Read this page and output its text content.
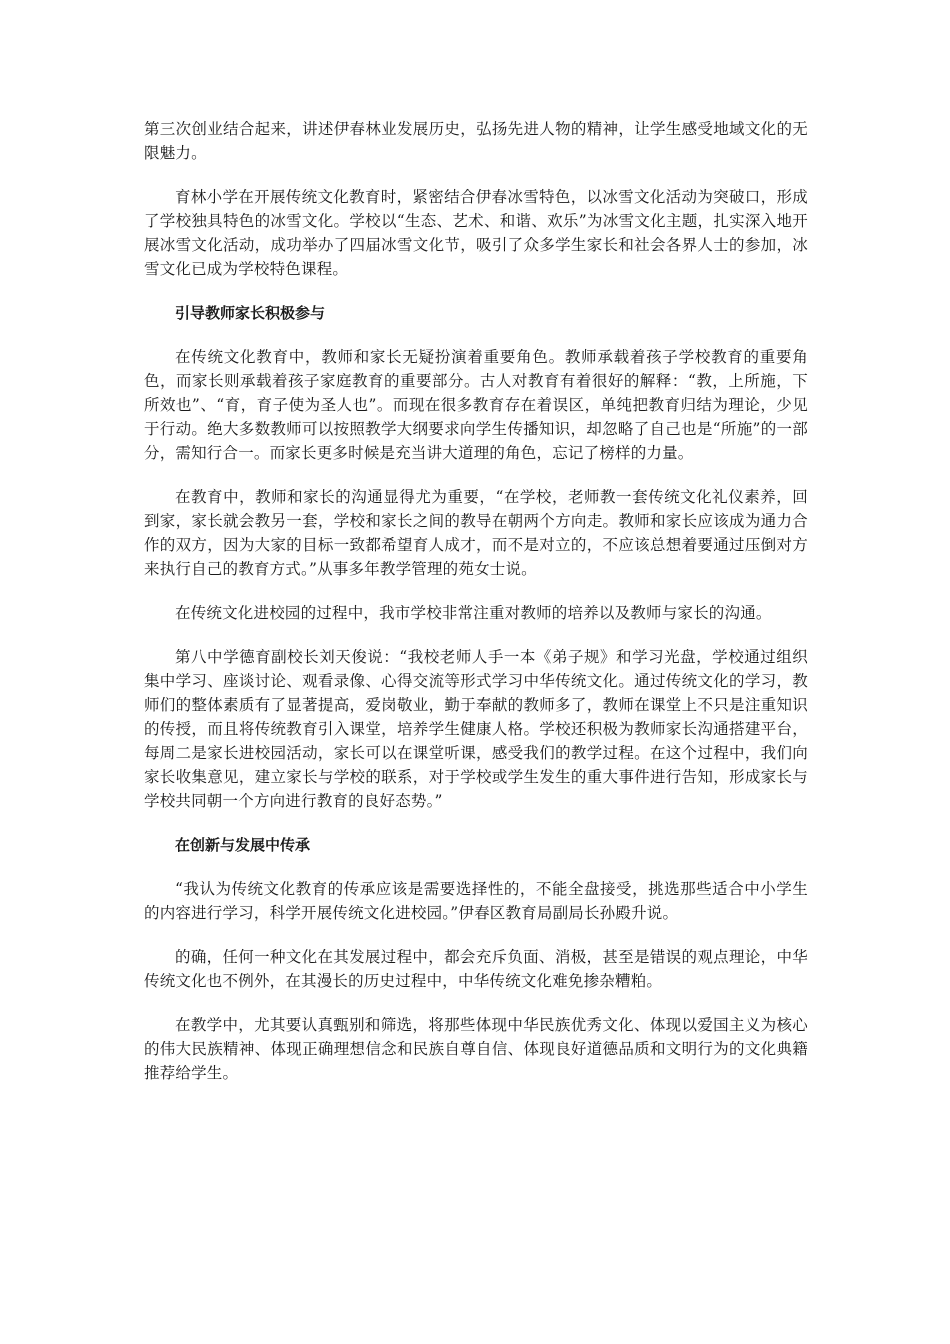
第三次创业结合起来，讲述伊春林业发展历史，弘扬先进人物的精神，让学生感受地域文化的无限魅力。

育林小学在开展传统文化教育时，紧密结合伊春冰雪特色，以冰雪文化活动为突破口，形成了学校独具特色的冰雪文化。学校以“生态、艺术、和谐、欢乐”为冰雪文化主题，扎实深入地开展冰雪文化活动，成功举办了四届冰雪文化节，吸引了众多学生家长和社会各界人士的参加，冰雪文化已成为学校特色课程。

引导教师家长积极参与

在传统文化教育中，教师和家长无疑扮演着重要角色。教师承载着孩子学校教育的重要角色，而家长则承载着孩子家庭教育的重要部分。古人对教育有着很好的解释：“教，上所施，下所效也”、“育，育子使为圣人也”。而现在很多教育存在着误区，单纯把教育归结为理论，少见于行动。绝大多数教师可以按照教学大纲要求向学生传播知识，却忽略了自己也是“所施”的一部分，需知行合一。而家长更多时候是充当讲大道理的角色，忘记了榜样的力量。

在教育中，教师和家长的沟通显得尤为重要，“在学校，老师教一套传统文化礼仪素养，回到家，家长就会教另一套，学校和家长之间的教导在朝两个方向走。教师和家长应该成为通力合作的双方，因为大家的目标一致都希望育人成才，而不是对立的，不应该总想着要通过压倒对方来执行自己的教育方式。”从事多年教学管理的苑女士说。

在传统文化进校园的过程中，我市学校非常注重对教师的培养以及教师与家长的沟通。

第八中学德育副校长刘天俊说：“我校老师人手一本《弟子规》和学习光盘，学校通过组织集中学习、座谈讨论、观看录像、心得交流等形式学习中华传统文化。通过传统文化的学习，教师们的整体素质有了显著提高，爱岗敬业，勤于奉献的教师多了，教师在课堂上不只是注重知识的传授，而且将传统教育引入课堂，培养学生健康人格。学校还积极为教师家长沟通搭建平台，每周二是家长进校园活动，家长可以在课堂听课，感受我们的教学过程。在这个过程中，我们向家长收集意见，建立家长与学校的联系，对于学校或学生发生的重大事件进行告知，形成家长与学校共同朝一个方向进行教育的良好态势。”

在创新与发展中传承

“我认为传统文化教育的传承应该是需要选择性的，不能全盘接受，挑选那些适合中小学生的内容进行学习，科学开展传统文化进校园。”伊春区教育局副局长孙殿升说。

的确，任何一种文化在其发展过程中，都会充斥负面、消极，甚至是错误的观点理论，中华传统文化也不例外，在其漫长的历史过程中，中华传统文化难免掺杂糟粕。

在教学中，尤其要认真甄别和筛选，将那些体现中华民族优秀文化、体现以爱国主义为核心的伟大民族精神、体现正确理想信念和民族自尊自信、体现良好道德品质和文明行为的文化典籍推荐给学生。
